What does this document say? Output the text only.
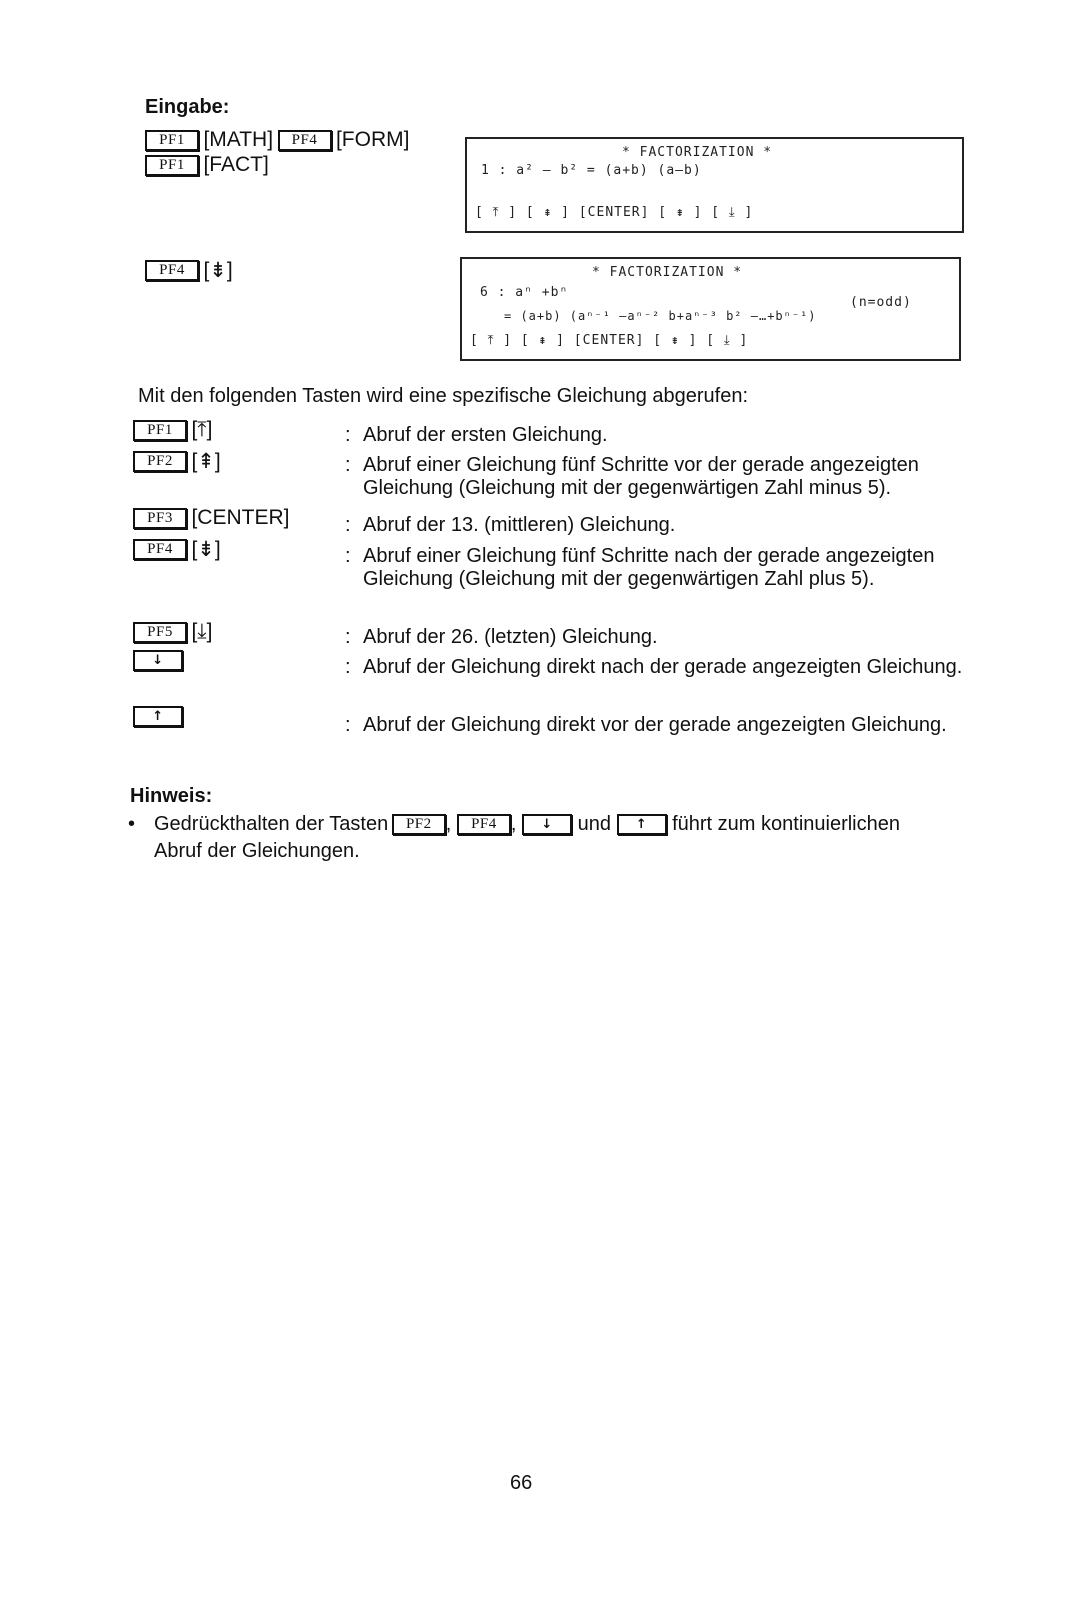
Eingabe:
PF1 [MATH] PF4 [FORM]
PF1 [FACT]
PF4 [⇟]
* FACTORIZATION *
1 : a² – b² = (a+b) (a–b)
[ ⤒ ] [ ⇞ ] [CENTER] [ ⇟ ] [ ⤓ ]
* FACTORIZATION *
6 : aⁿ +bⁿ
(n=odd)
= (a+b) (aⁿ⁻¹ –aⁿ⁻² b+aⁿ⁻³ b² –…+bⁿ⁻¹)
[ ⤒ ] [ ⇞ ] [CENTER] [ ⇟ ] [ ⤓ ]
Mit den folgenden Tasten wird eine spezifische Gleichung abgerufen:
PF1 [⤒]	: Abruf der ersten Gleichung.
PF2 [⇞]	: Abruf einer Gleichung fünf Schritte vor der gerade angezeigten Gleichung (Gleichung mit der gegenwärtigen Zahl minus 5).
PF3 [CENTER]	: Abruf der 13. (mittleren) Gleichung.
PF4 [⇟]	: Abruf einer Gleichung fünf Schritte nach der gerade angezeigten Gleichung (Gleichung mit der gegenwärtigen Zahl plus 5).
PF5 [⤓]	: Abruf der 26. (letzten) Gleichung.
↓	: Abruf der Gleichung direkt nach der gerade angezeigten Gleichung.
↑	: Abruf der Gleichung direkt vor der gerade angezeigten Gleichung.
Hinweis:
• Gedrückthalten der Tasten PF2 , PF4 , ↓ und ↑ führt zum kontinuierlichen
Abruf der Gleichungen.
66
